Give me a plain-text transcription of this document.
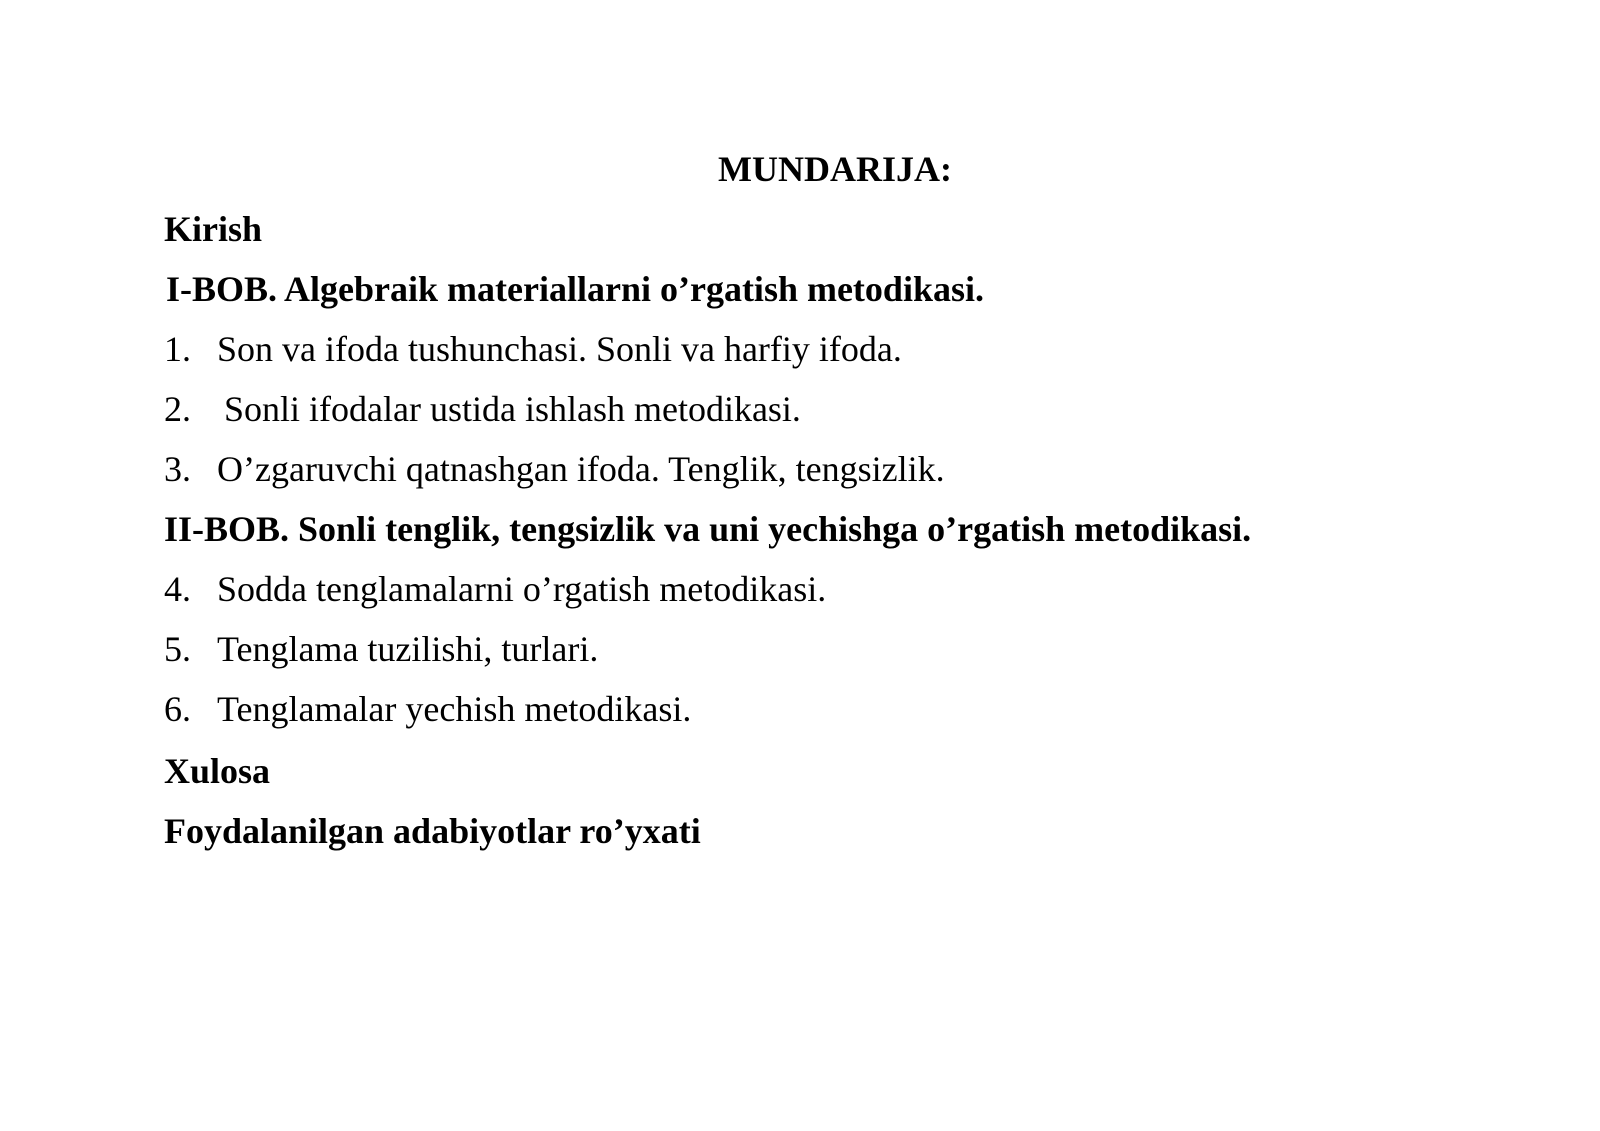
MUNDARIJA:
Kirish
I-BOB. Algebraik materiallarni o’rgatish metodikasi.
1. Son va ifoda tushunchasi. Sonli va harfiy ifoda.
2. Sonli ifodalar ustida ishlash metodikasi.
3. O’zgaruvchi qatnashgan ifoda. Tenglik, tengsizlik.
II-BOB. Sonli tenglik, tengsizlik va uni yechishga o’rgatish metodikasi.
4. Sodda tenglamalarni o’rgatish metodikasi.
5. Tenglama tuzilishi, turlari.
6. Tenglamalar yechish metodikasi.
Xulosa
Foydalanilgan adabiyotlar ro’yxati
